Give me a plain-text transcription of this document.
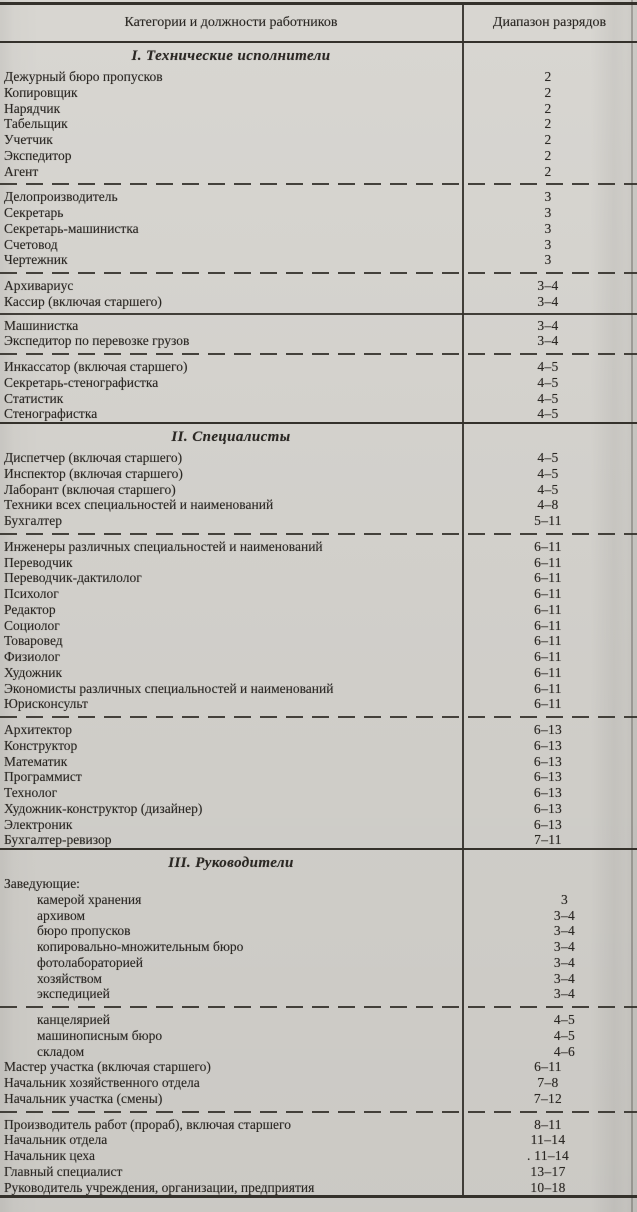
Категории и должности работников	Диапазон разрядов
I. Технические исполнители
Дежурный бюро пропусков	2
Копировщик	2
Нарядчик	2
Табельщик	2
Учетчик	2
Экспедитор	2
Агент	2
Делопроизводитель	3
Секретарь	3
Секретарь-машинистка	3
Счетовод	3
Чертежник	3
Архивариус	3–4
Кассир (включая старшего)	3–4
Машинистка	3–4
Экспедитор по перевозке грузов	3–4
Инкассатор (включая старшего)	4–5
Секретарь-стенографистка	4–5
Статистик	4–5
Стенографистка	4–5
II. Специалисты
Диспетчер (включая старшего)	4–5
Инспектор (включая старшего)	4–5
Лаборант (включая старшего)	4–5
Техники всех специальностей и наименований	4–8
Бухгалтер	5–11
Инженеры различных специальностей и наименований	6–11
Переводчик	6–11
Переводчик-дактилолог	6–11
Психолог	6–11
Редактор	6–11
Социолог	6–11
Товаровед	6–11
Физиолог	6–11
Художник	6–11
Экономисты различных специальностей и наименований	6–11
Юрисконсульт	6–11
Архитектор	6–13
Конструктор	6–13
Математик	6–13
Программист	6–13
Технолог	6–13
Художник-конструктор (дизайнер)	6–13
Электроник	6–13
Бухгалтер-ревизор	7–11
III. Руководители
Заведующие:
камерой хранения	3
архивом	3–4
бюро пропусков	3–4
копировально-множительным бюро	3–4
фотолабораторией	3–4
хозяйством	3–4
экспедицией	3–4
канцелярией	4–5
машинописным бюро	4–5
складом	4–6
Мастер участка (включая старшего)	6–11
Начальник хозяйственного отдела	7–8
Начальник участка (смены)	7–12
Производитель работ (прораб), включая старшего	8–11
Начальник отдела	11–14
Начальник цеха	. 11–14
Главный специалист	13–17
Руководитель учреждения, организации, предприятия	10–18
